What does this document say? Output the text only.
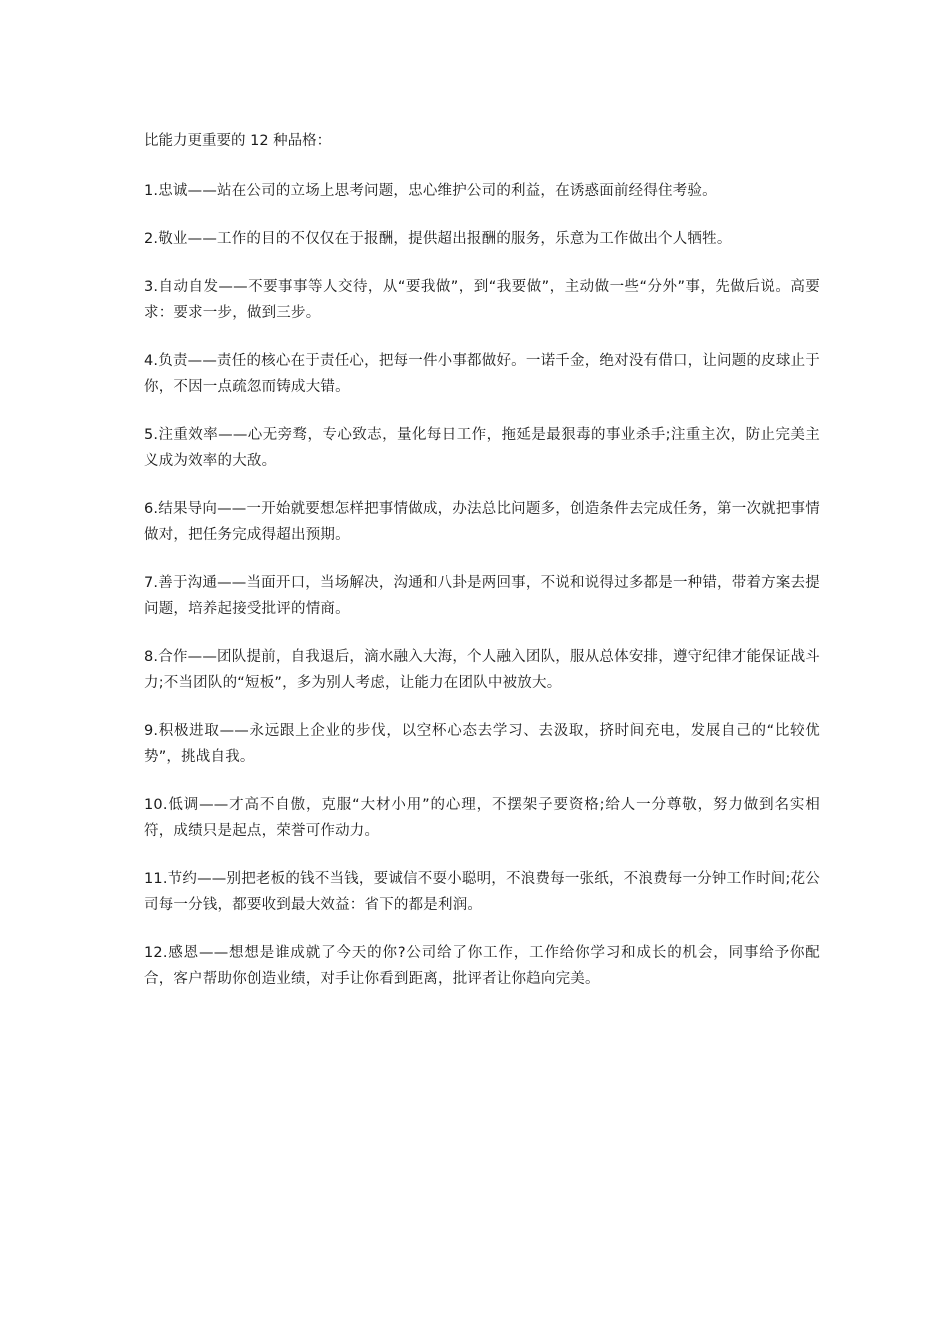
比能力更重要的 12 种品格：

1.忠诚——站在公司的立场上思考问题，忠心维护公司的利益，在诱惑面前经得住考验。

2.敬业——工作的目的不仅仅在于报酬，提供超出报酬的服务，乐意为工作做出个人牺牲。

3.自动自发——不要事事等人交待，从“要我做”，到“我要做”，主动做一些“分外”事，先做后说。高要求：要求一步，做到三步。

4.负责——责任的核心在于责任心，把每一件小事都做好。一诺千金，绝对没有借口，让问题的皮球止于你，不因一点疏忽而铸成大错。

5.注重效率——心无旁骛，专心致志，量化每日工作，拖延是最狠毒的事业杀手;注重主次，防止完美主义成为效率的大敌。

6.结果导向——一开始就要想怎样把事情做成，办法总比问题多，创造条件去完成任务，第一次就把事情做对，把任务完成得超出预期。

7.善于沟通——当面开口，当场解决，沟通和八卦是两回事，不说和说得过多都是一种错，带着方案去提问题，培养起接受批评的情商。

8.合作——团队提前，自我退后，滴水融入大海，个人融入团队，服从总体安排，遵守纪律才能保证战斗力;不当团队的“短板”，多为别人考虑，让能力在团队中被放大。

9.积极进取——永远跟上企业的步伐，以空杯心态去学习、去汲取，挤时间充电，发展自己的“比较优势”，挑战自我。

10.低调——才高不自傲，克服“大材小用”的心理，不摆架子要资格;给人一分尊敬，努力做到名实相符，成绩只是起点，荣誉可作动力。

11.节约——别把老板的钱不当钱，要诚信不耍小聪明，不浪费每一张纸，不浪费每一分钟工作时间;花公司每一分钱，都要收到最大效益：省下的都是利润。

12.感恩——想想是谁成就了今天的你?公司给了你工作，工作给你学习和成长的机会，同事给予你配合，客户帮助你创造业绩，对手让你看到距离，批评者让你趋向完美。
